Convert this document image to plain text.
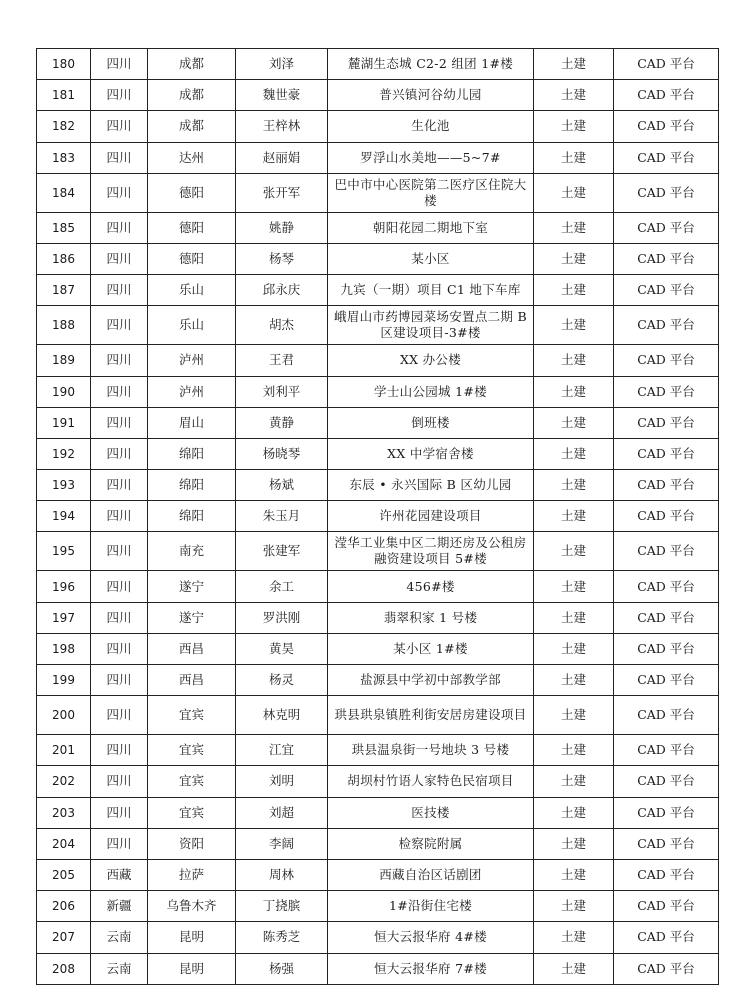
180	四川	成都	刘泽	麓湖生态城 C2-2 组团 1#楼	土建	CAD 平台
181	四川	成都	魏世豪	普兴镇河谷幼儿园	土建	CAD 平台
182	四川	成都	王梓林	生化池	土建	CAD 平台
183	四川	达州	赵丽娟	罗浮山水美地——5~7#	土建	CAD 平台
184	四川	德阳	张开军	巴中市中心医院第二医疗区住院大楼	土建	CAD 平台
185	四川	德阳	姚静	朝阳花园二期地下室	土建	CAD 平台
186	四川	德阳	杨琴	某小区	土建	CAD 平台
187	四川	乐山	邱永庆	九宾（一期）项目 C1 地下车库	土建	CAD 平台
188	四川	乐山	胡杰	峨眉山市药博园菜场安置点二期 B 区建设项目-3#楼	土建	CAD 平台
189	四川	泸州	王君	XX 办公楼	土建	CAD 平台
190	四川	泸州	刘利平	学士山公园城 1#楼	土建	CAD 平台
191	四川	眉山	黄静	倒班楼	土建	CAD 平台
192	四川	绵阳	杨晓琴	XX 中学宿舍楼	土建	CAD 平台
193	四川	绵阳	杨斌	东辰 • 永兴国际 B 区幼儿园	土建	CAD 平台
194	四川	绵阳	朱玉月	许州花园建设项目	土建	CAD 平台
195	四川	南充	张建军	滢华工业集中区二期还房及公租房融资建设项目 5#楼	土建	CAD 平台
196	四川	遂宁	余工	456#楼	土建	CAD 平台
197	四川	遂宁	罗洪刚	翡翠积家 1 号楼	土建	CAD 平台
198	四川	西昌	黄昊	某小区 1#楼	土建	CAD 平台
199	四川	西昌	杨灵	盐源县中学初中部教学部	土建	CAD 平台
200	四川	宜宾	林克明	珙县珙泉镇胜利街安居房建设项目	土建	CAD 平台
201	四川	宜宾	江宜	珙县温泉街一号地块 3 号楼	土建	CAD 平台
202	四川	宜宾	刘明	胡坝村竹语人家特色民宿项目	土建	CAD 平台
203	四川	宜宾	刘超	医技楼	土建	CAD 平台
204	四川	资阳	李阔	检察院附属	土建	CAD 平台
205	西藏	拉萨	周林	西藏自治区话剧团	土建	CAD 平台
206	新疆	乌鲁木齐	丁挠膑	1#沿街住宅楼	土建	CAD 平台
207	云南	昆明	陈秀芝	恒大云报华府 4#楼	土建	CAD 平台
208	云南	昆明	杨强	恒大云报华府 7#楼	土建	CAD 平台
